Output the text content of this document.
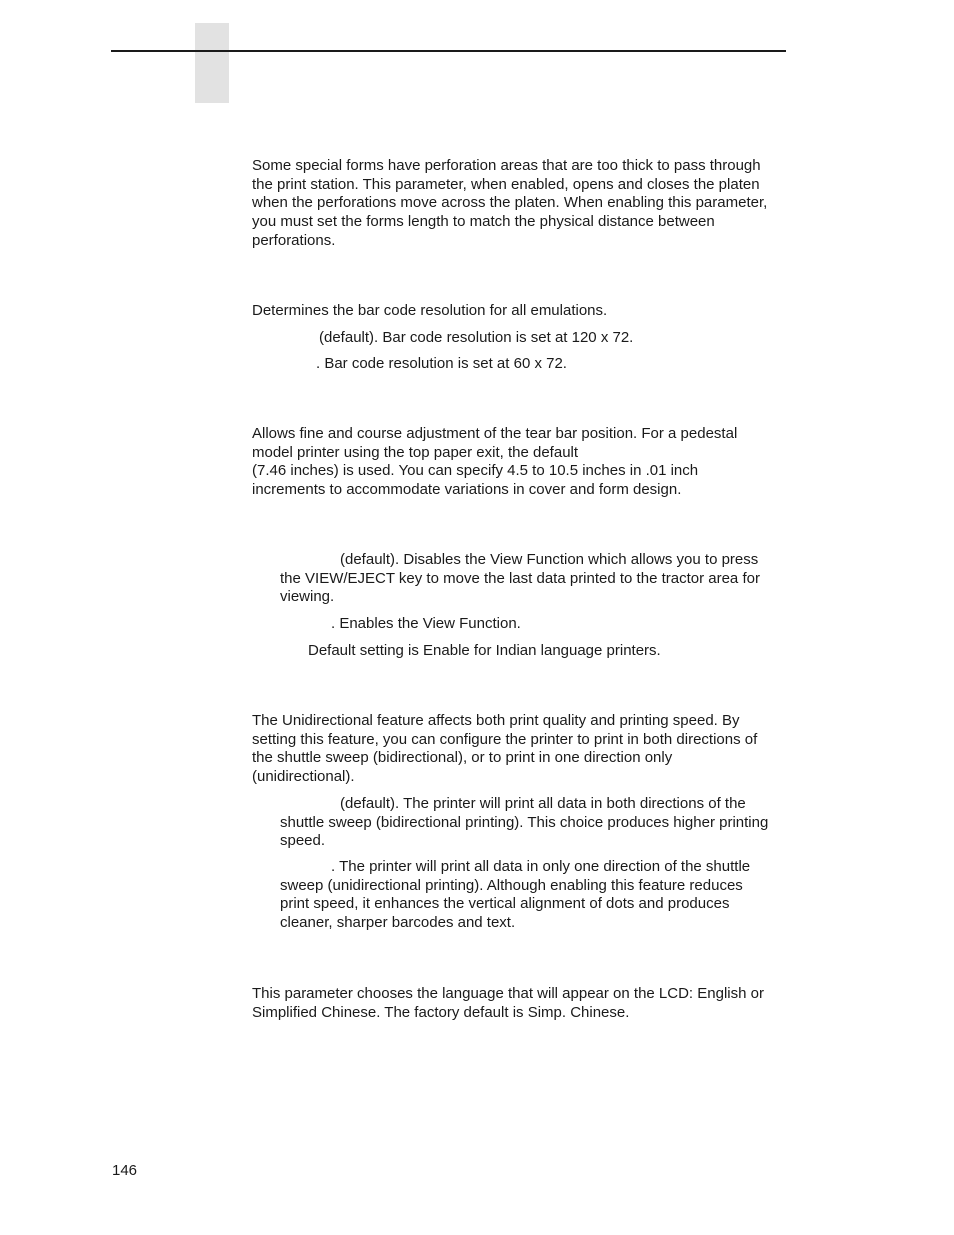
Some special forms have perforation areas that are too thick to pass through
the print station. This parameter, when enabled, opens and closes the platen
when the perforations move across the platen. When enabling this parameter,
you must set the forms length to match the physical distance between
perforations.

Determines the bar code resolution for all emulations.

(default). Bar code resolution is set at 120 x 72.

. Bar code resolution is set at 60 x 72.

Allows fine and course adjustment of the tear bar position. For a pedestal
model printer using the top paper exit, the default
(7.46 inches) is used. You can specify 4.5 to 10.5 inches in .01 inch
increments to accommodate variations in cover and form design.

(default). Disables the View Function which allows you to press
the VIEW/EJECT key to move the last data printed to the tractor area for
viewing.

. Enables the View Function.

Default setting is Enable for Indian language printers.

The Unidirectional feature affects both print quality and printing speed. By
setting this feature, you can configure the printer to print in both directions of
the shuttle sweep (bidirectional), or to print in one direction only
(unidirectional).

(default). The printer will print all data in both directions of the
shuttle sweep (bidirectional printing). This choice produces higher printing
speed.

. The printer will print all data in only one direction of the shuttle
sweep (unidirectional printing). Although enabling this feature reduces
print speed, it enhances the vertical alignment of dots and produces
cleaner, sharper barcodes and text.

This parameter chooses the language that will appear on the LCD: English or
Simplified Chinese. The factory default is Simp. Chinese.

146
